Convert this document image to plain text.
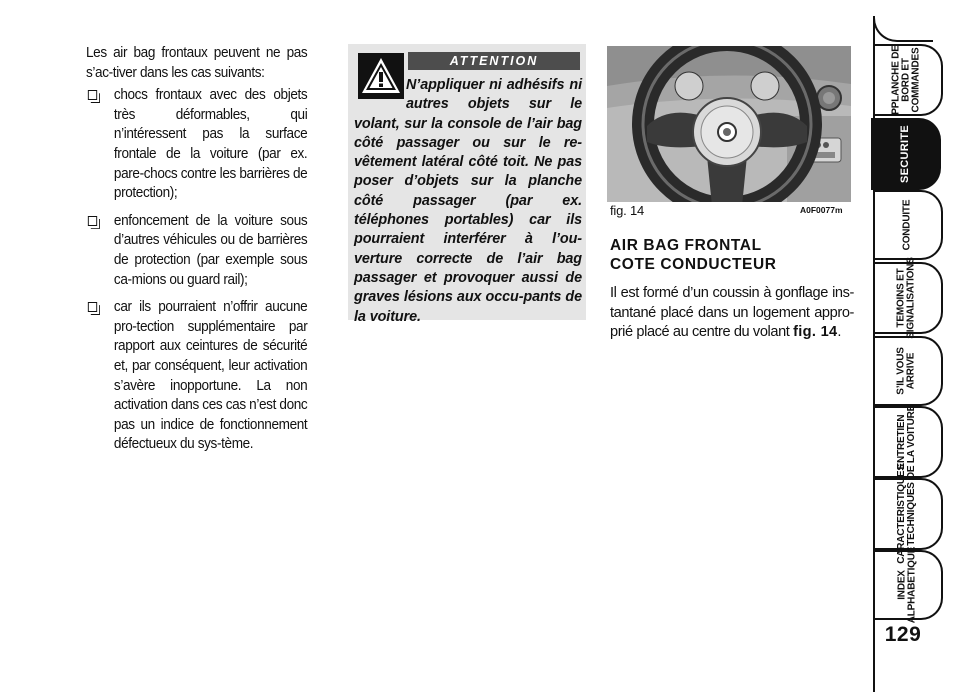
Les air bag frontaux peuvent ne pas s’ac-tiver dans les cas suivants:

chocs frontaux avec des objets très déformables, qui n’intéressent pas la surface frontale de la voiture (par ex. pare-chocs contre les barrières de protection);
enfoncement de la voiture sous d’autres véhicules ou de barrières de protection (par exemple sous ca-mions ou guard rail);
car ils pourraient n’offrir aucune pro-tection supplémentaire par rapport aux ceintures de sécurité et, par conséquent, leur activation s’avère inopportune. La non activation dans ces cas n’est donc pas un indice de fonctionnement défectueux du sys-tème.
ATTENTION
N’appliquer ni adhésifs ni autres objets sur le volant, sur la console de l’air bag côté passager ou sur le re-vêtement latéral côté toit. Ne pas poser d’objets sur la planche côté passager (par ex. téléphones portables) car ils pourraient interférer à l’ou-verture correcte de l’air bag passager et provoquer aussi de graves lésions aux occu-pants de la voiture.
fig. 14	A0F0077m
AIR BAG FRONTAL
COTE CONDUCTEUR
Il est formé d’un coussin à gonflage ins-tantané placé dans un logement appro-prié placé au centre du volant fig. 14.
PPLANCHE DE
BORD ET
COMMANDES
SECURITE
CONDUITE
TEMOINS ET
SIGNALISATIONS
S’IL VOUS
ARRIVE
ENTRETIEN
DE LA VOITURE
CARACTERISTIQUES
TECHNIQUES
INDEX
ALPHABETIQUE
129
